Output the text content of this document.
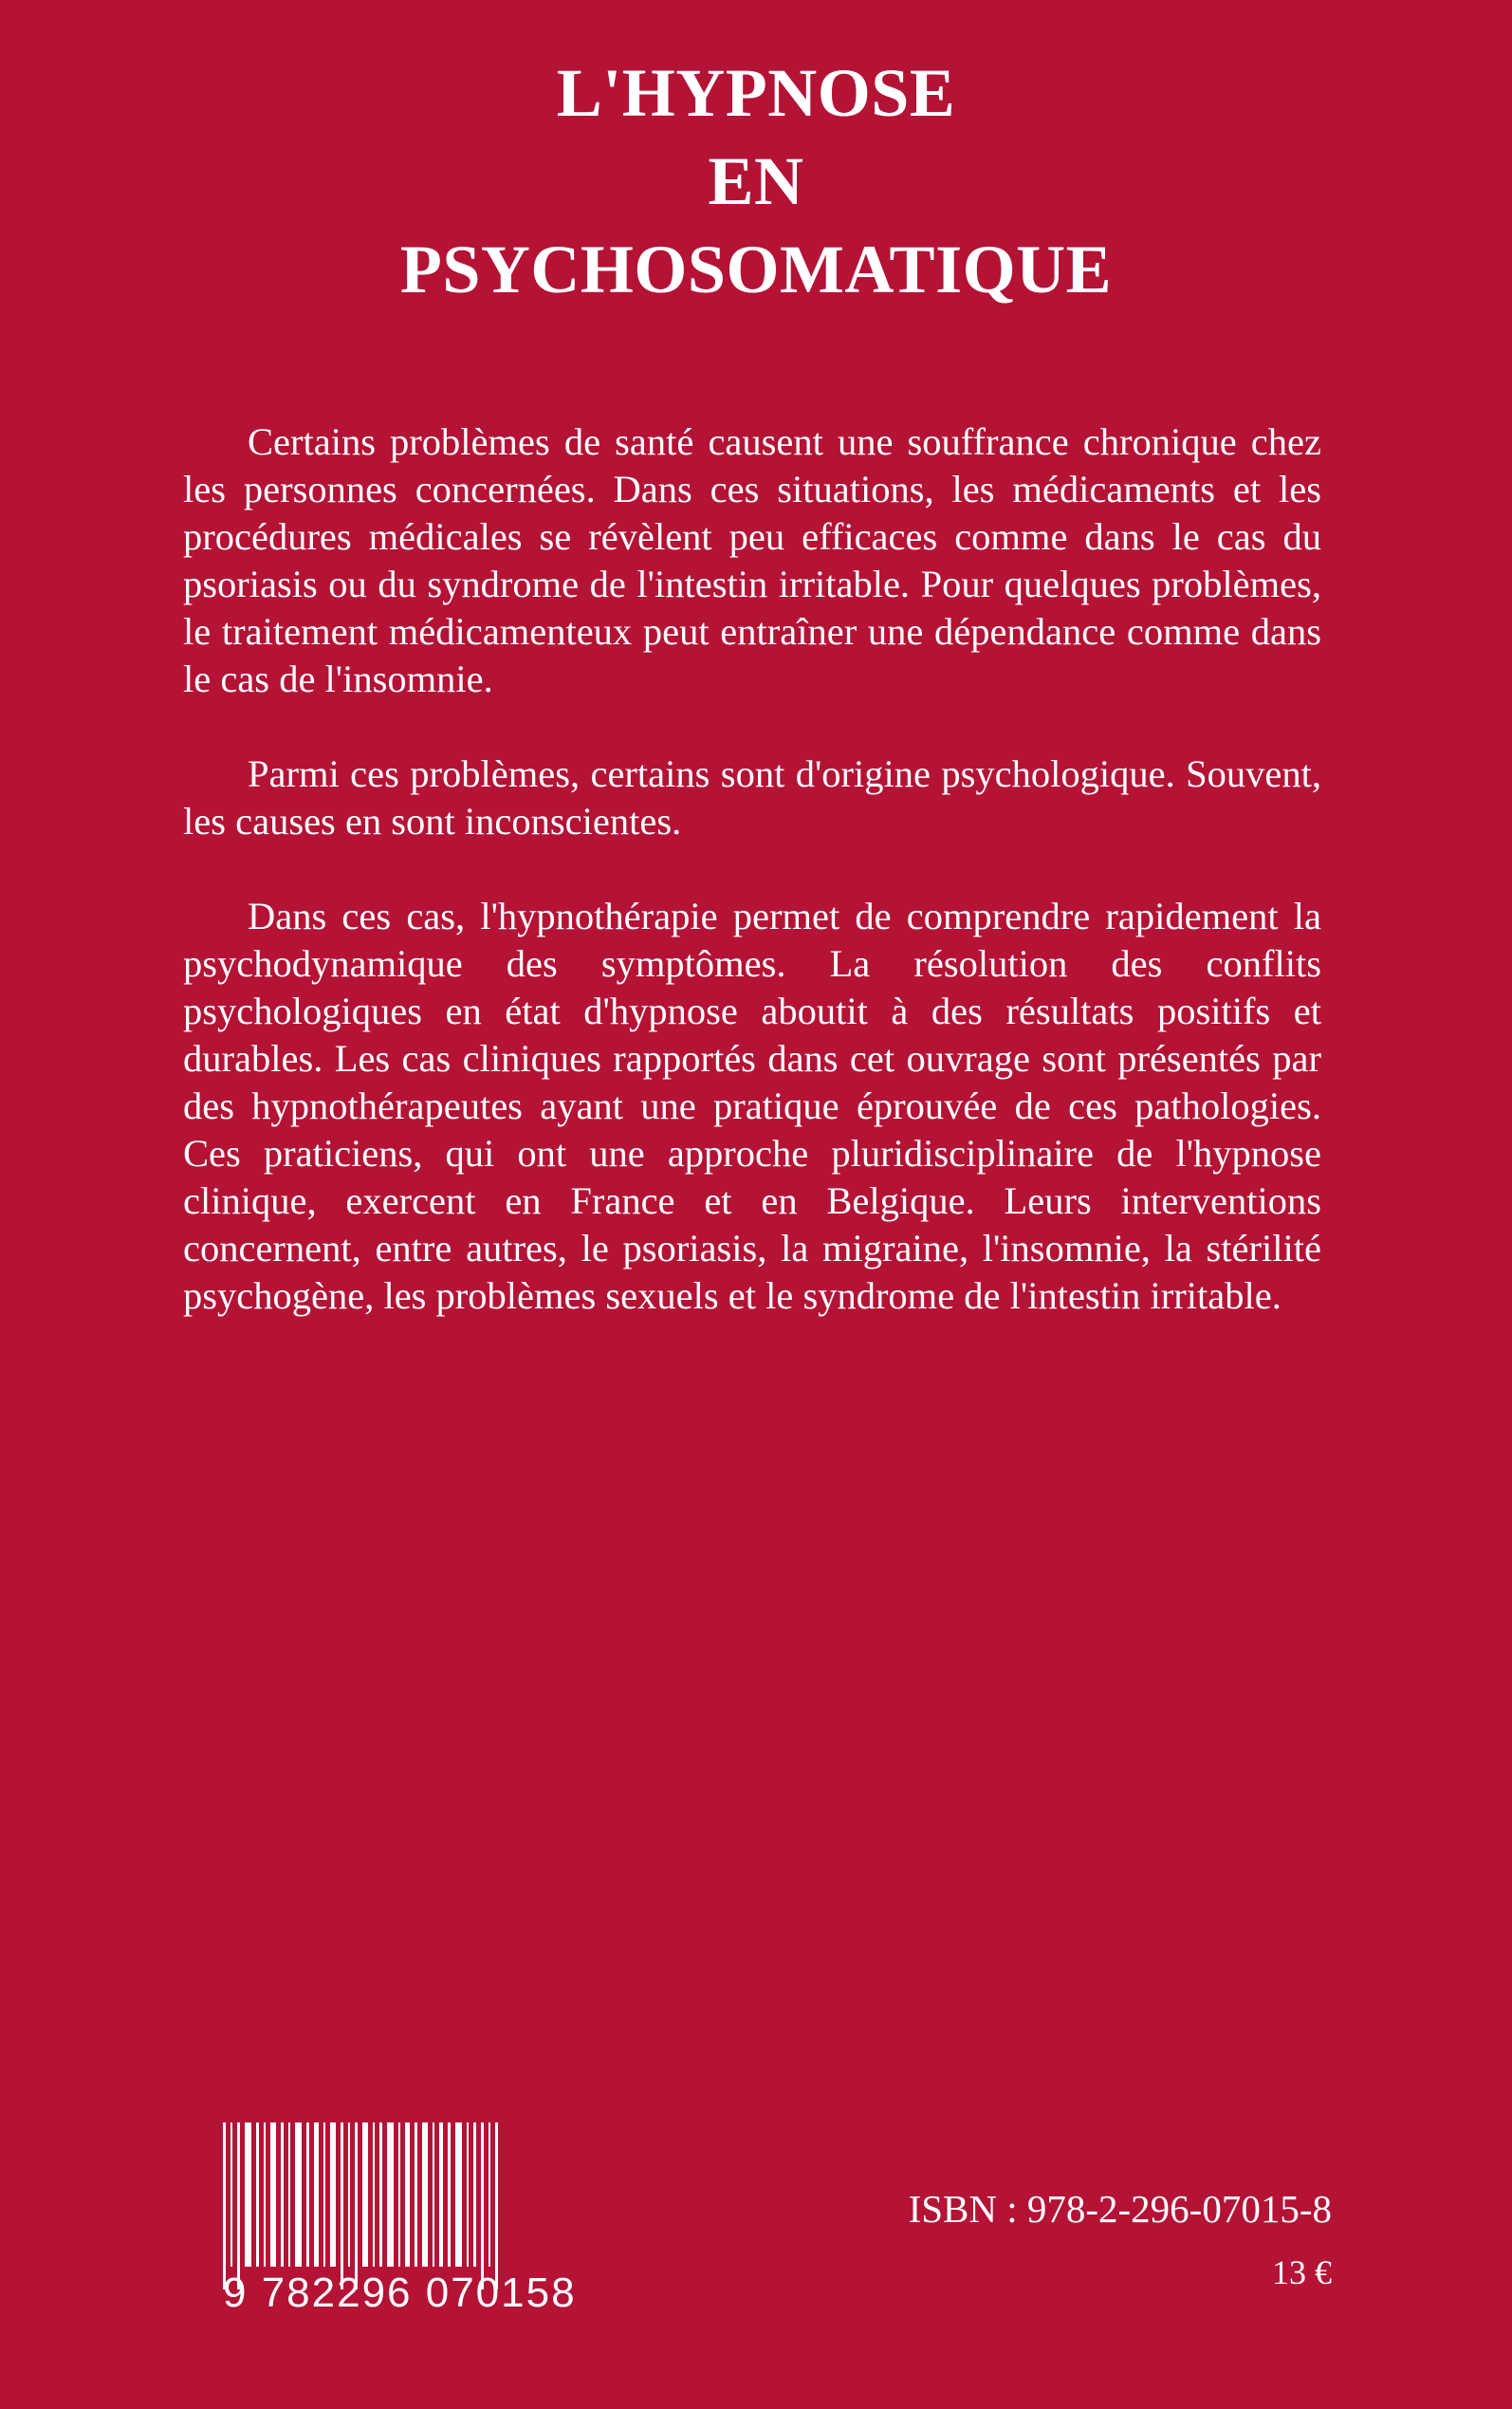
L'HYPNOSE
EN
PSYCHOSOMATIQUE

Certains problèmes de santé causent une souffrance chronique chez les personnes concernées. Dans ces situations, les médicaments et les procédures médicales se révèlent peu efficaces comme dans le cas du psoriasis ou du syndrome de l'intestin irritable. Pour quelques problèmes, le traitement médicamenteux peut entraîner une dépendance comme dans le cas de l'insomnie.

Parmi ces problèmes, certains sont d'origine psychologique. Souvent, les causes en sont inconscientes.

Dans ces cas, l'hypnothérapie permet de comprendre rapidement la psychodynamique des symptômes. La résolution des conflits psychologiques en état d'hypnose aboutit à des résultats positifs et durables. Les cas cliniques rapportés dans cet ouvrage sont présentés par des hypnothérapeutes ayant une pratique éprouvée de ces pathologies. Ces praticiens, qui ont une approche pluridisciplinaire de l'hypnose clinique, exercent en France et en Belgique. Leurs interventions concernent, entre autres, le psoriasis, la migraine, l'insomnie, la stérilité psychogène, les problèmes sexuels et le syndrome de l'intestin irritable.

9 782296 070158
ISBN : 978-2-296-07015-8
13 €
